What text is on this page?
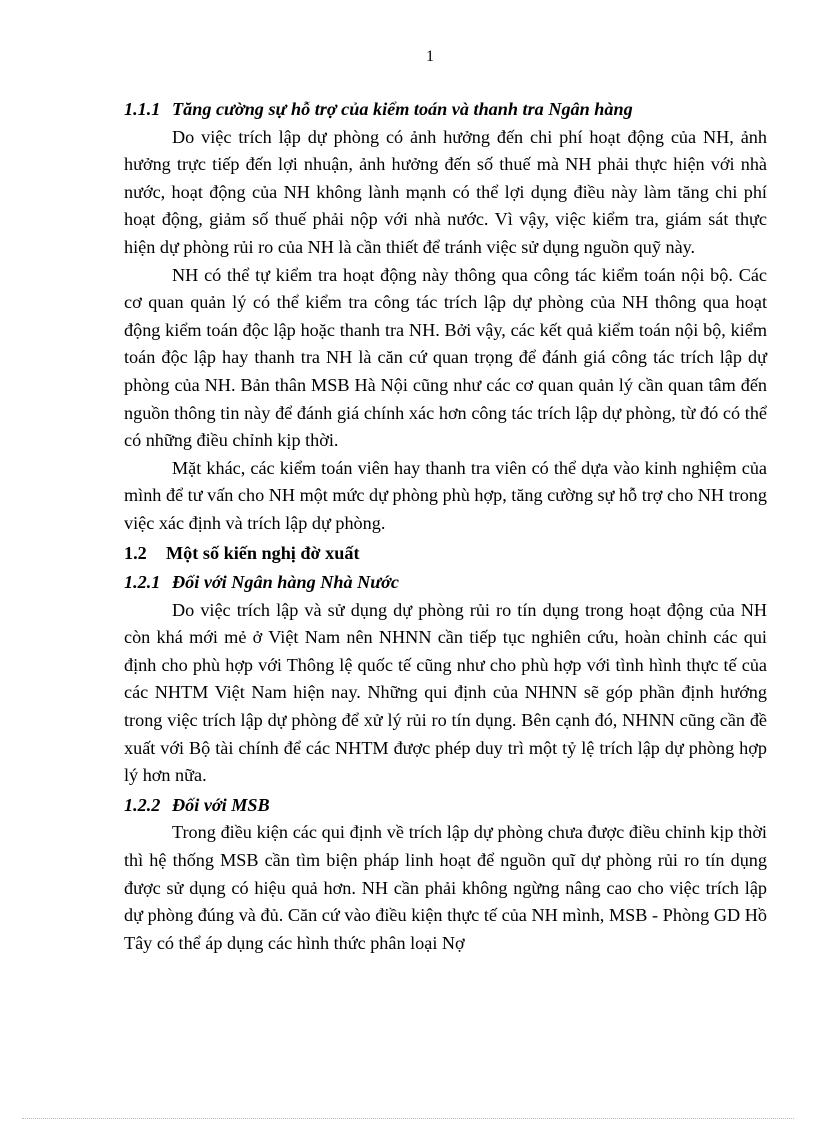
1
1.1.1 Tăng cường sự hỗ trợ của kiểm toán và thanh tra Ngân hàng

Do việc trích lập dự phòng có ảnh hưởng đến chi phí hoạt động của NH, ảnh hưởng trực tiếp đến lợi nhuận, ảnh hưởng đến số thuế mà NH phải thực hiện với nhà nước, hoạt động của NH không lành mạnh có thể lợi dụng điều này làm tăng chi phí hoạt động, giảm số thuế phải nộp với nhà nước. Vì vậy, việc kiểm tra, giám sát thực hiện dự phòng rủi ro của NH là cần thiết để tránh việc sử dụng nguồn quỹ này.

NH có thể tự kiểm tra hoạt động này thông qua công tác kiểm toán nội bộ. Các cơ quan quản lý có thể kiểm tra công tác trích lập dự phòng của NH thông qua hoạt động kiểm toán độc lập hoặc thanh tra NH. Bởi vậy, các kết quả kiểm toán nội bộ, kiểm toán độc lập hay thanh tra NH là căn cứ quan trọng để đánh giá công tác trích lập dự phòng của NH. Bản thân MSB Hà Nội cũng như các cơ quan quản lý cần quan tâm đến nguồn thông tin này để đánh giá chính xác hơn công tác trích lập dự phòng, từ đó có thể có những điều chỉnh kịp thời.

Mặt khác, các kiểm toán viên hay thanh tra viên có thể dựa vào kinh nghiệm của mình để tư vấn cho NH một mức dự phòng phù hợp, tăng cường sự hỗ trợ cho NH trong việc xác định và trích lập dự phòng.

1.2 Một số kiến nghị đờ xuất
1.2.1 Đối với Ngân hàng Nhà Nước

Do việc trích lập và sử dụng dự phòng rủi ro tín dụng trong hoạt động của NH còn khá mới mẻ ở Việt Nam nên NHNN cần tiếp tục nghiên cứu, hoàn chỉnh các qui định cho phù hợp với Thông lệ quốc tế cũng như cho phù hợp với tình hình thực tế của các NHTM Việt Nam hiện nay. Những qui định của NHNN sẽ góp phần định hướng trong việc trích lập dự phòng để xử lý rủi ro tín dụng. Bên cạnh đó, NHNN cũng cần đề xuất với Bộ tài chính để các NHTM được phép duy trì một tỷ lệ trích lập dự phòng hợp lý hơn nữa.

1.2.2 Đối với MSB

Trong điều kiện các qui định về trích lập dự phòng chưa được điều chỉnh kịp thời thì hệ thống MSB cần tìm biện pháp linh hoạt để nguồn quĩ dự phòng rủi ro tín dụng được sử dụng có hiệu quả hơn. NH cần phải không ngừng nâng cao cho việc trích lập dự phòng đúng và đủ. Căn cứ vào điều kiện thực tế của NH mình, MSB - Phòng GD Hồ Tây có thể áp dụng các hình thức phân loại Nợ
